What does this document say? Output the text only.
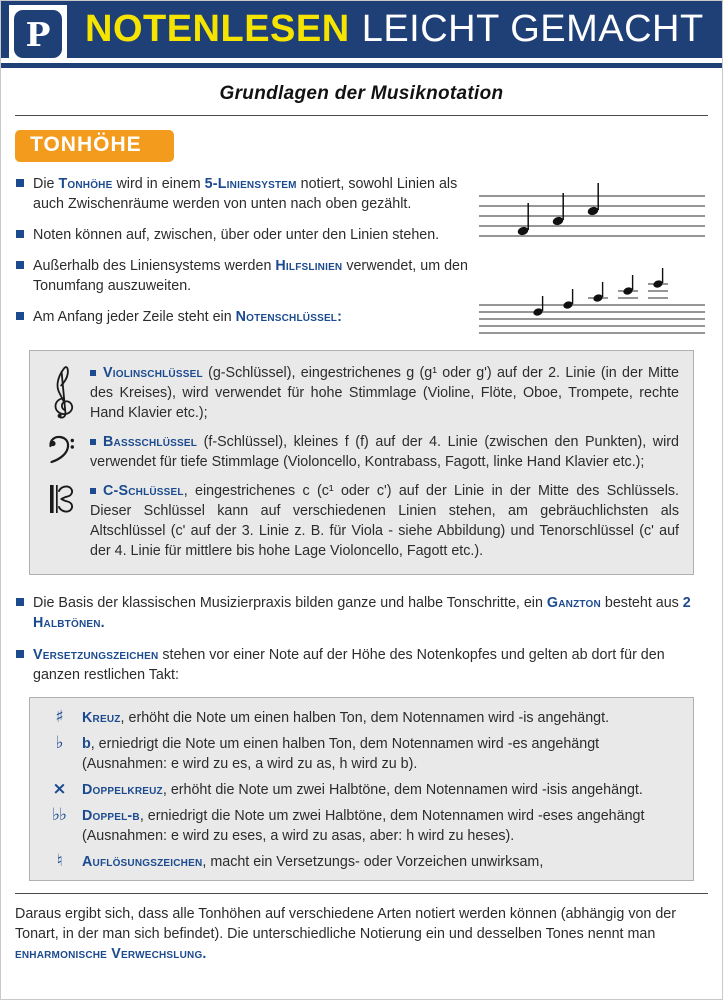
NOTENLESEN LEICHT GEMACHT
P
Grundlagen der Musiknotation
TONHÖHE

Die Tonhöhe wird in einem 5-Liniensystem notiert, sowohl Linien als auch Zwischenräume werden von unten nach oben gezählt.

Noten können auf, zwischen, über oder unter den Linien stehen.

Außerhalb des Liniensystems werden Hilfslinien verwendet, um den Tonumfang auszuweiten.

Am Anfang jeder Zeile steht ein Notenschlüssel:

Violinschlüssel (g-Schlüssel), eingestrichenes g (g¹ oder g') auf der 2. Linie (in der Mitte des Kreises), wird verwendet für hohe Stimmlage (Violine, Flöte, Oboe, Trompete, rechte Hand Klavier etc.);

Bassschlüssel (f-Schlüssel), kleines f (f) auf der 4. Linie (zwischen den Punkten), wird verwendet für tiefe Stimmlage (Violoncello, Kontrabass, Fagott, linke Hand Klavier etc.);

C-Schlüssel, eingestrichenes c (c¹ oder c') auf der Linie in der Mitte des Schlüssels. Dieser Schlüssel kann auf verschiedenen Linien stehen, am gebräuchlichsten als Altschlüssel (c' auf der 3. Linie z. B. für Viola - siehe Abbildung) und Tenorschlüssel (c' auf der 4. Linie für mittlere bis hohe Lage Violoncello, Fagott etc.).

Die Basis der klassischen Musizierpraxis bilden ganze und halbe Tonschritte, ein Ganzton besteht aus 2 Halbtönen.

Versetzungszeichen stehen vor einer Note auf der Höhe des Notenkopfes und gelten ab dort für den ganzen restlichen Takt:

♯	Kreuz, erhöht die Note um einen halben Ton, dem Notennamen wird -is angehängt.

♭	b, erniedrigt die Note um einen halben Ton, dem Notennamen wird -es angehängt (Ausnahmen: e wird zu es, a wird zu as, h wird zu b).

×	Doppelkreuz, erhöht die Note um zwei Halbtöne, dem Notennamen wird -isis angehängt.

♭♭	Doppel-b, erniedrigt die Note um zwei Halbtöne, dem Notennamen wird -eses angehängt (Ausnahmen: e wird zu eses, a wird zu asas, aber: h wird zu heses).

♮	Auflösungszeichen, macht ein Versetzungs- oder Vorzeichen unwirksam,

Daraus ergibt sich, dass alle Tonhöhen auf verschiedene Arten notiert werden können (abhängig von der Tonart, in der man sich befindet). Die unterschiedliche Notierung ein und desselben Tones nennt man enharmonische Verwechslung.
